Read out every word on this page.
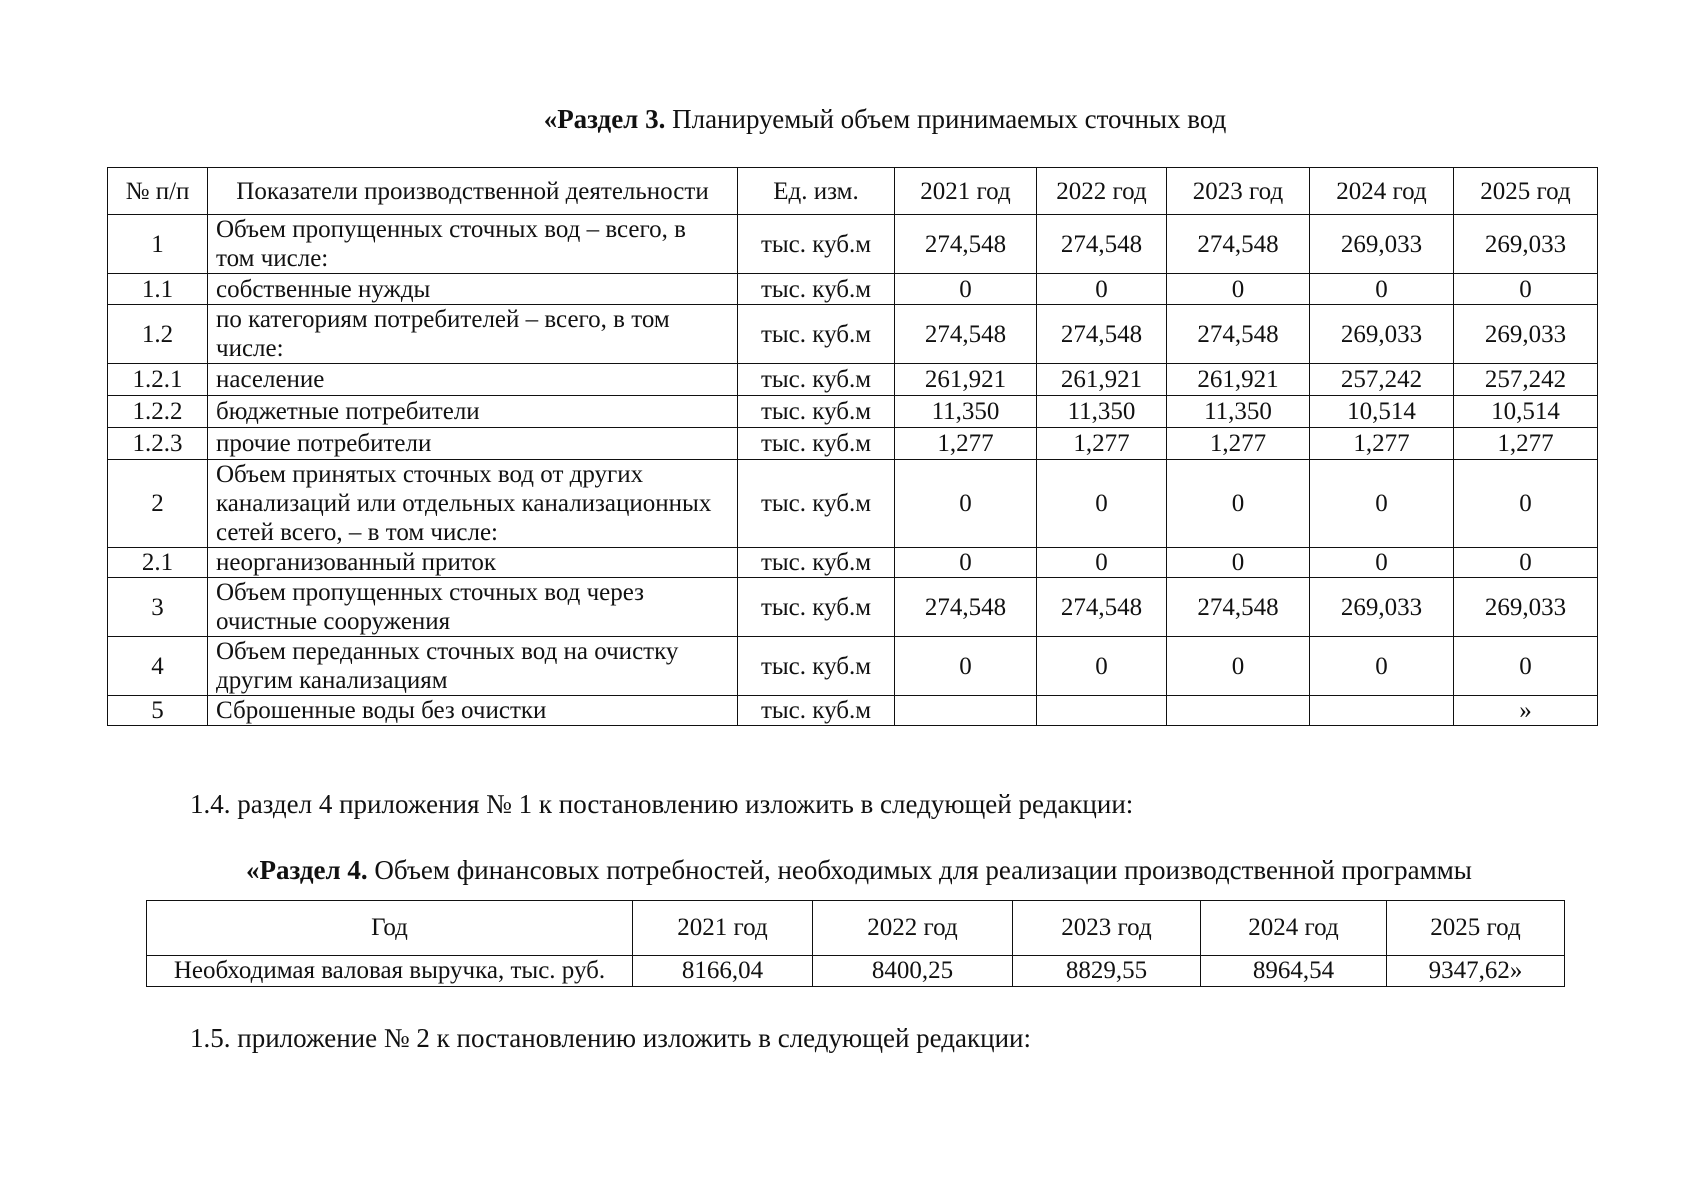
«Раздел 3. Планируемый объем принимаемых сточных вод
№ п/п	Показатели производственной деятельности	Ед. изм.	2021 год	2022 год	2023 год	2024 год	2025 год
1	Объем пропущенных сточных вод – всего, в том числе:	тыс. куб.м	274,548	274,548	274,548	269,033	269,033
1.1	собственные нужды	тыс. куб.м	0	0	0	0	0
1.2	по категориям потребителей – всего, в том числе:	тыс. куб.м	274,548	274,548	274,548	269,033	269,033
1.2.1	население	тыс. куб.м	261,921	261,921	261,921	257,242	257,242
1.2.2	бюджетные потребители	тыс. куб.м	11,350	11,350	11,350	10,514	10,514
1.2.3	прочие потребители	тыс. куб.м	1,277	1,277	1,277	1,277	1,277
2	Объем принятых сточных вод от других канализаций или отдельных канализационных сетей всего, – в том числе:	тыс. куб.м	0	0	0	0	0
2.1	неорганизованный приток	тыс. куб.м	0	0	0	0	0
3	Объем пропущенных сточных вод через очистные сооружения	тыс. куб.м	274,548	274,548	274,548	269,033	269,033
4	Объем переданных сточных вод на очистку другим канализациям	тыс. куб.м	0	0	0	0	0
5	Сброшенные воды без очистки	тыс. куб.м					»
1.4. раздел 4 приложения № 1 к постановлению изложить в следующей редакции:
«Раздел 4. Объем финансовых потребностей, необходимых для реализации производственной программы
Год	2021 год	2022 год	2023 год	2024 год	2025 год
Необходимая валовая выручка, тыс. руб.	8166,04	8400,25	8829,55	8964,54	9347,62»
1.5. приложение № 2 к постановлению изложить в следующей редакции:
